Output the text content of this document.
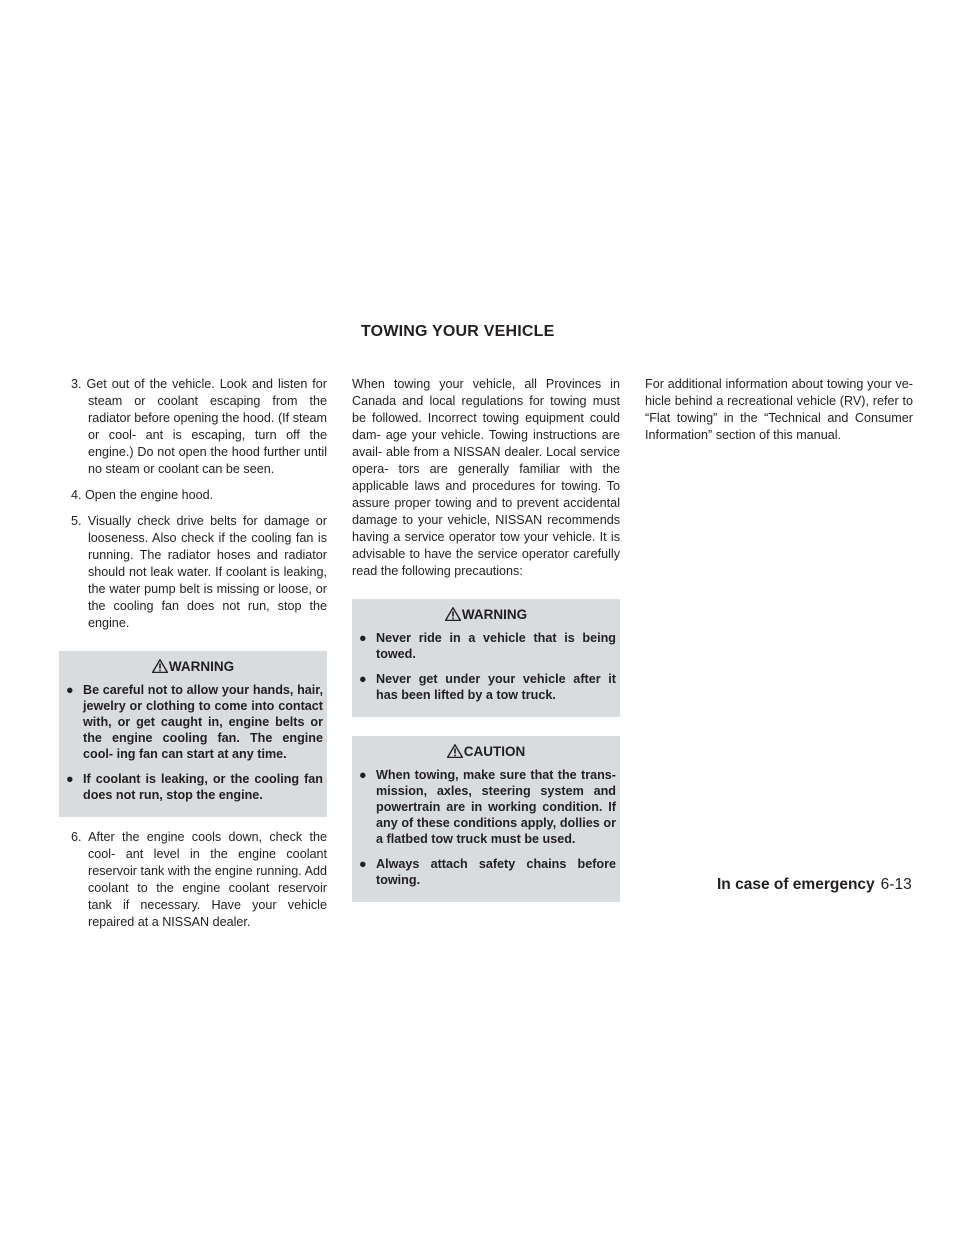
TOWING YOUR VEHICLE

3. Get out of the vehicle. Look and listen for steam or coolant escaping from the radiator before opening the hood. (If steam or cool- ant is escaping, turn off the engine.) Do not open the hood further until no steam or coolant can be seen.

4. Open the engine hood.

5. Visually check drive belts for damage or looseness. Also check if the cooling fan is running. The radiator hoses and radiator should not leak water. If coolant is leaking, the water pump belt is missing or loose, or the cooling fan does not run, stop the engine.

WARNING
● Be careful not to allow your hands, hair, jewelry or clothing to come into contact with, or get caught in, engine belts or the engine cooling fan. The engine cool- ing fan can start at any time.
● If coolant is leaking, or the cooling fan does not run, stop the engine.

6. After the engine cools down, check the cool- ant level in the engine coolant reservoir tank with the engine running. Add coolant to the engine coolant reservoir tank if necessary. Have your vehicle repaired at a NISSAN dealer.

When towing your vehicle, all Provinces in Canada and local regulations for towing must be followed. Incorrect towing equipment could dam- age your vehicle. Towing instructions are avail- able from a NISSAN dealer. Local service opera- tors are generally familiar with the applicable laws and procedures for towing. To assure proper towing and to prevent accidental damage to your vehicle, NISSAN recommends having a service operator tow your vehicle. It is advisable to have the service operator carefully read the following precautions:

WARNING
● Never ride in a vehicle that is being towed.
● Never get under your vehicle after it has been lifted by a tow truck.
CAUTION
● When towing, make sure that the trans- mission, axles, steering system and powertrain are in working condition. If any of these conditions apply, dollies or a flatbed tow truck must be used.
● Always attach safety chains before towing.

For additional information about towing your ve- hicle behind a recreational vehicle (RV), refer to “Flat towing” in the “Technical and Consumer Information” section of this manual.

In case of emergency 6-13
